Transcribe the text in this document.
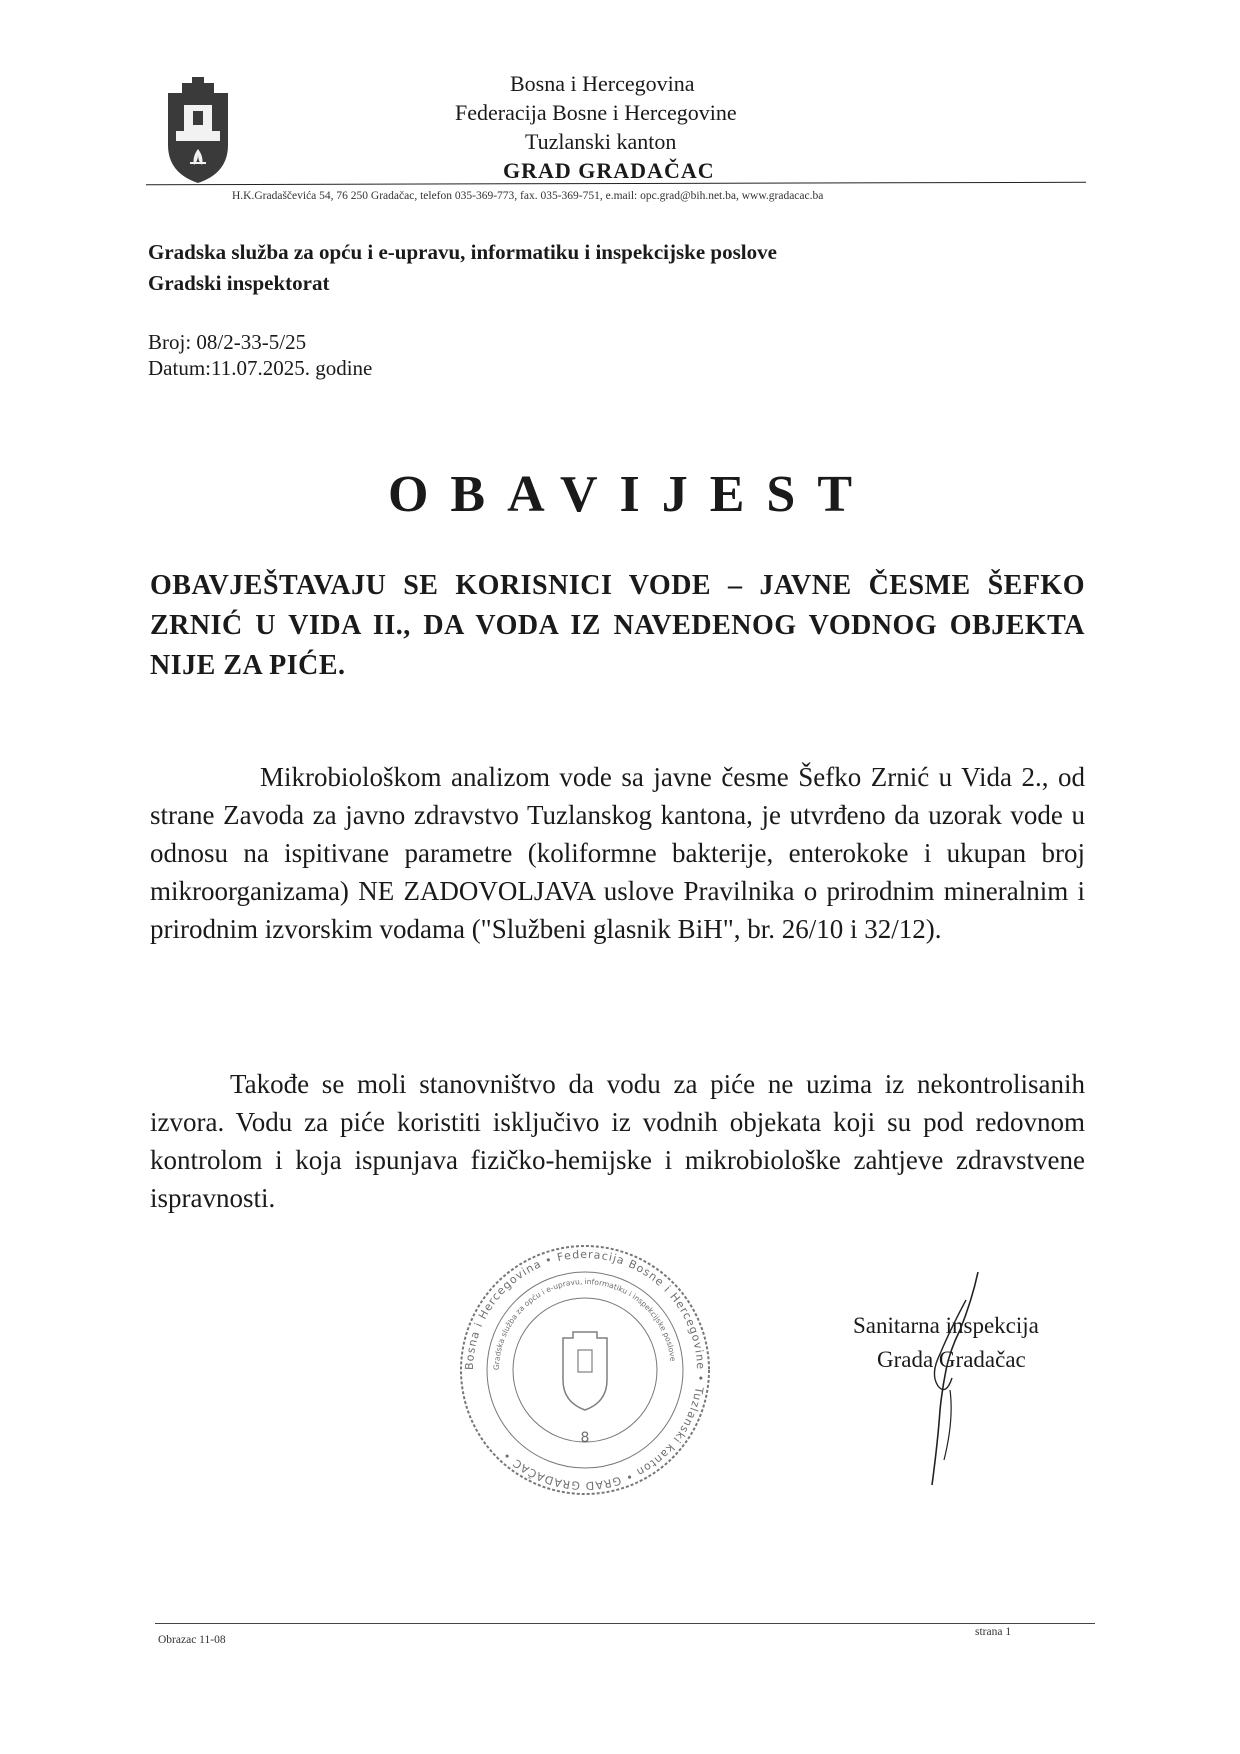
Bosna i Hercegovina
Federacija Bosne i Hercegovine
Tuzlanski kanton
GRAD GRADAČAC
H.K.Gradaščevića 54, 76 250 Gradačac, telefon 035-369-773, fax. 035-369-751, e.mail: opc.grad@bih.net.ba, www.gradacac.ba
Gradska služba za opću i e-upravu, informatiku i inspekcijske poslove
Gradski inspektorat
Broj: 08/2-33-5/25
Datum:11.07.2025. godine
OBAVIJEST
OBAVJEŠTAVAJU SE KORISNICI VODE – JAVNE ČESME ŠEFKO ZRNIĆ U VIDA II., DA VODA IZ NAVEDENOG VODNOG OBJEKTA NIJE ZA PIĆE.
Mikrobiološkom analizom vode sa javne česme Šefko Zrnić u Vida 2., od strane Zavoda za javno zdravstvo Tuzlanskog kantona, je utvrđeno da uzorak vode u odnosu na ispitivane parametre (koliformne bakterije, enterokoke i ukupan broj mikroorganizama) NE ZADOVOLJAVA uslove Pravilnika o prirodnim mineralnim i prirodnim izvorskim vodama ("Službeni glasnik BiH", br. 26/10 i 32/12).
Takođe se moli stanovništvo da vodu za piće ne uzima iz nekontrolisanih izvora. Vodu za piće koristiti isključivo iz vodnih objekata koji su pod redovnom kontrolom i koja ispunjava fizičko-hemijske i mikrobiološke zahtjeve zdravstvene ispravnosti.
Bosna i Hercegovina • Federacija Bosne i Hercegovine • Tuzlanski kanton • GRAD GRADAČAC •
Gradska služba za opću i e-upravu, informatiku i inspekcijske poslove
8
Sanitarna inspekcija
Grada Gradačac
Obrazac 11-08
strana 1
